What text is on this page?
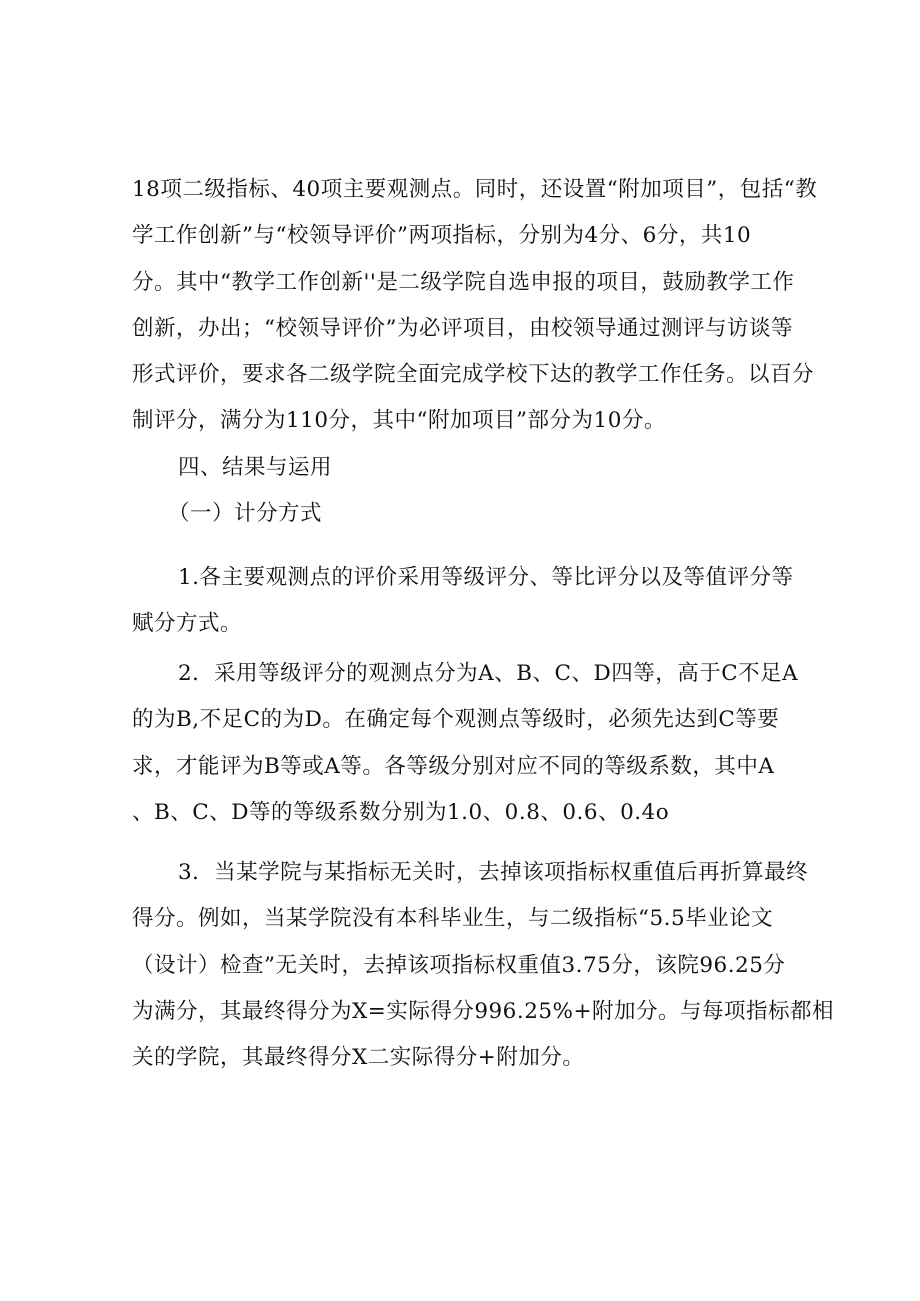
18项二级指标、40项主要观测点。同时，还设置“附加项目”，包括“教
学工作创新”与“校领导评价”两项指标，分别为4分、6分，共10
分。其中“教学工作创新''是二级学院自选申报的项目，鼓励教学工作
创新，办出；“校领导评价”为必评项目，由校领导通过测评与访谈等
形式评价，要求各二级学院全面完成学校下达的教学工作任务。以百分
制评分，满分为110分，其中“附加项目”部分为10分。
四、结果与运用
（一）计分方式
1.各主要观测点的评价采用等级评分、等比评分以及等值评分等
赋分方式。
2．采用等级评分的观测点分为A、B、C、D四等，高于C不足A
的为B,不足C的为D。在确定每个观测点等级时，必须先达到C等要
求，才能评为B等或A等。各等级分别对应不同的等级系数，其中A
、B、C、D等的等级系数分别为1.0、0.8、0.6、0.4o
3．当某学院与某指标无关时，去掉该项指标权重值后再折算最终
得分。例如，当某学院没有本科毕业生，与二级指标“5.5毕业论文
（设计）检查”无关时，去掉该项指标权重值3.75分，该院96.25分
为满分，其最终得分为X=实际得分996.25%+附加分。与每项指标都相
关的学院，其最终得分X二实际得分+附加分。
